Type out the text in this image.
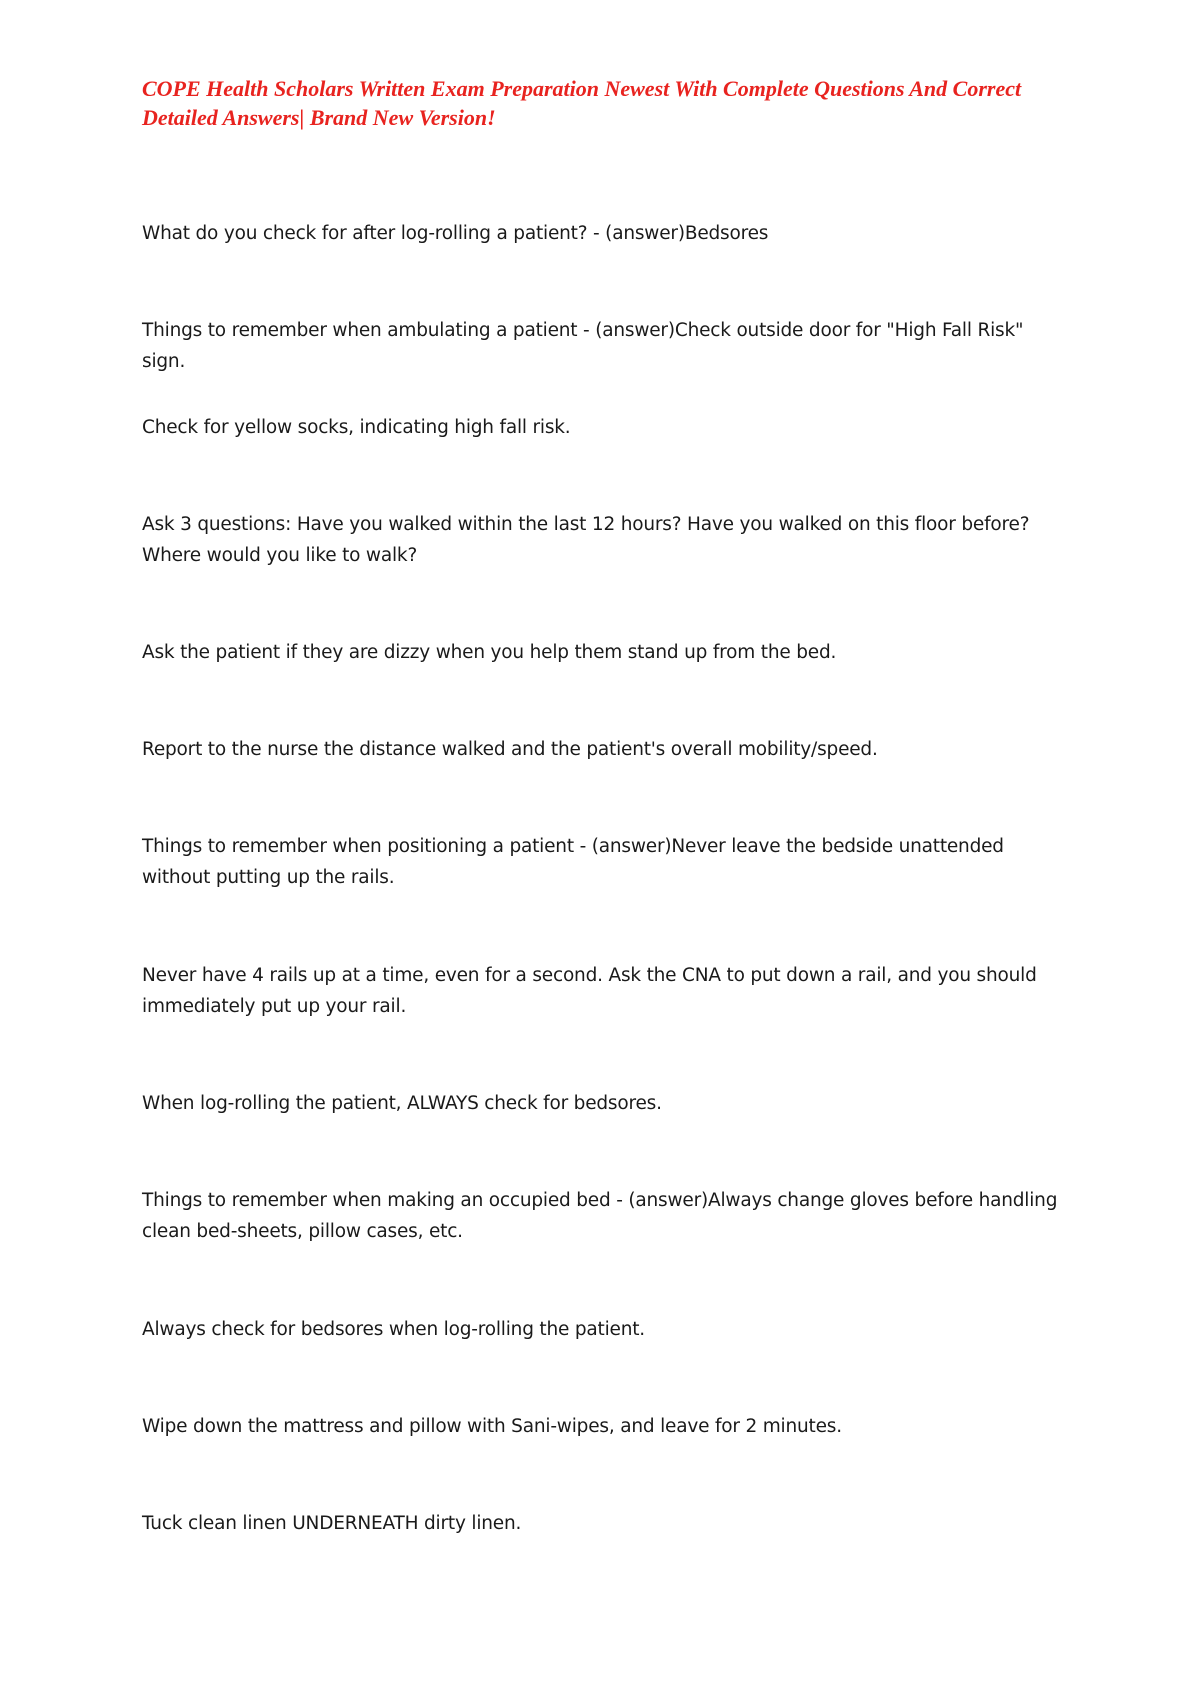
COPE Health Scholars Written Exam Preparation Newest With Complete Questions And Correct Detailed Answers| Brand New Version!

What do you check for after log-rolling a patient? - (answer)Bedsores

Things to remember when ambulating a patient - (answer)Check outside door for "High Fall Risk" sign.

Check for yellow socks, indicating high fall risk.

Ask 3 questions: Have you walked within the last 12 hours? Have you walked on this floor before? Where would you like to walk?

Ask the patient if they are dizzy when you help them stand up from the bed.

Report to the nurse the distance walked and the patient's overall mobility/speed.

Things to remember when positioning a patient - (answer)Never leave the bedside unattended without putting up the rails.

Never have 4 rails up at a time, even for a second. Ask the CNA to put down a rail, and you should immediately put up your rail.

When log-rolling the patient, ALWAYS check for bedsores.

Things to remember when making an occupied bed - (answer)Always change gloves before handling clean bed-sheets, pillow cases, etc.

Always check for bedsores when log-rolling the patient.

Wipe down the mattress and pillow with Sani-wipes, and leave for 2 minutes.

Tuck clean linen UNDERNEATH dirty linen.
